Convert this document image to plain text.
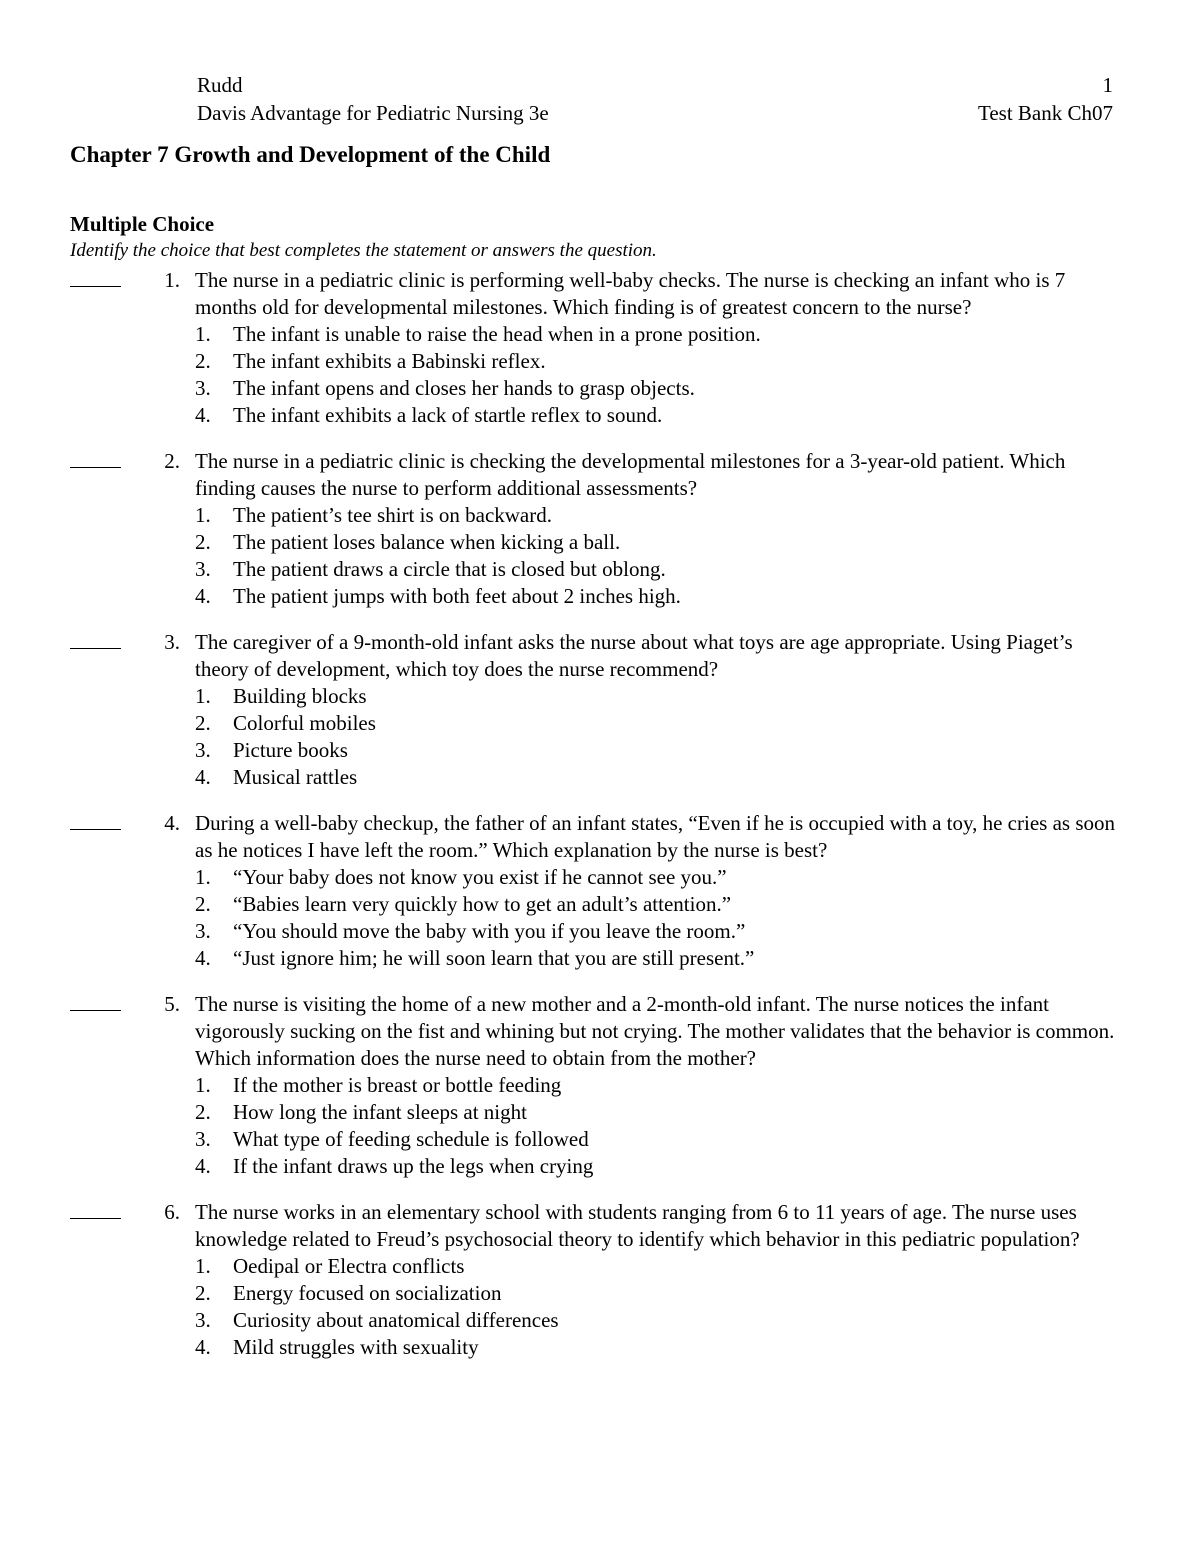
Rudd	1
Davis Advantage for Pediatric Nursing 3e	Test Bank Ch07
Chapter 7 Growth and Development of the Child
Multiple Choice
Identify the choice that best completes the statement or answers the question.
1. The nurse in a pediatric clinic is performing well-baby checks. The nurse is checking an infant who is 7 months old for developmental milestones. Which finding is of greatest concern to the nurse?
1. The infant is unable to raise the head when in a prone position.
2. The infant exhibits a Babinski reflex.
3. The infant opens and closes her hands to grasp objects.
4. The infant exhibits a lack of startle reflex to sound.
2. The nurse in a pediatric clinic is checking the developmental milestones for a 3-year-old patient. Which finding causes the nurse to perform additional assessments?
1. The patient’s tee shirt is on backward.
2. The patient loses balance when kicking a ball.
3. The patient draws a circle that is closed but oblong.
4. The patient jumps with both feet about 2 inches high.
3. The caregiver of a 9-month-old infant asks the nurse about what toys are age appropriate. Using Piaget’s theory of development, which toy does the nurse recommend?
1. Building blocks
2. Colorful mobiles
3. Picture books
4. Musical rattles
4. During a well-baby checkup, the father of an infant states, “Even if he is occupied with a toy, he cries as soon as he notices I have left the room.” Which explanation by the nurse is best?
1. “Your baby does not know you exist if he cannot see you.”
2. “Babies learn very quickly how to get an adult’s attention.”
3. “You should move the baby with you if you leave the room.”
4. “Just ignore him; he will soon learn that you are still present.”
5. The nurse is visiting the home of a new mother and a 2-month-old infant. The nurse notices the infant vigorously sucking on the fist and whining but not crying. The mother validates that the behavior is common. Which information does the nurse need to obtain from the mother?
1. If the mother is breast or bottle feeding
2. How long the infant sleeps at night
3. What type of feeding schedule is followed
4. If the infant draws up the legs when crying
6. The nurse works in an elementary school with students ranging from 6 to 11 years of age. The nurse uses knowledge related to Freud’s psychosocial theory to identify which behavior in this pediatric population?
1. Oedipal or Electra conflicts
2. Energy focused on socialization
3. Curiosity about anatomical differences
4. Mild struggles with sexuality
